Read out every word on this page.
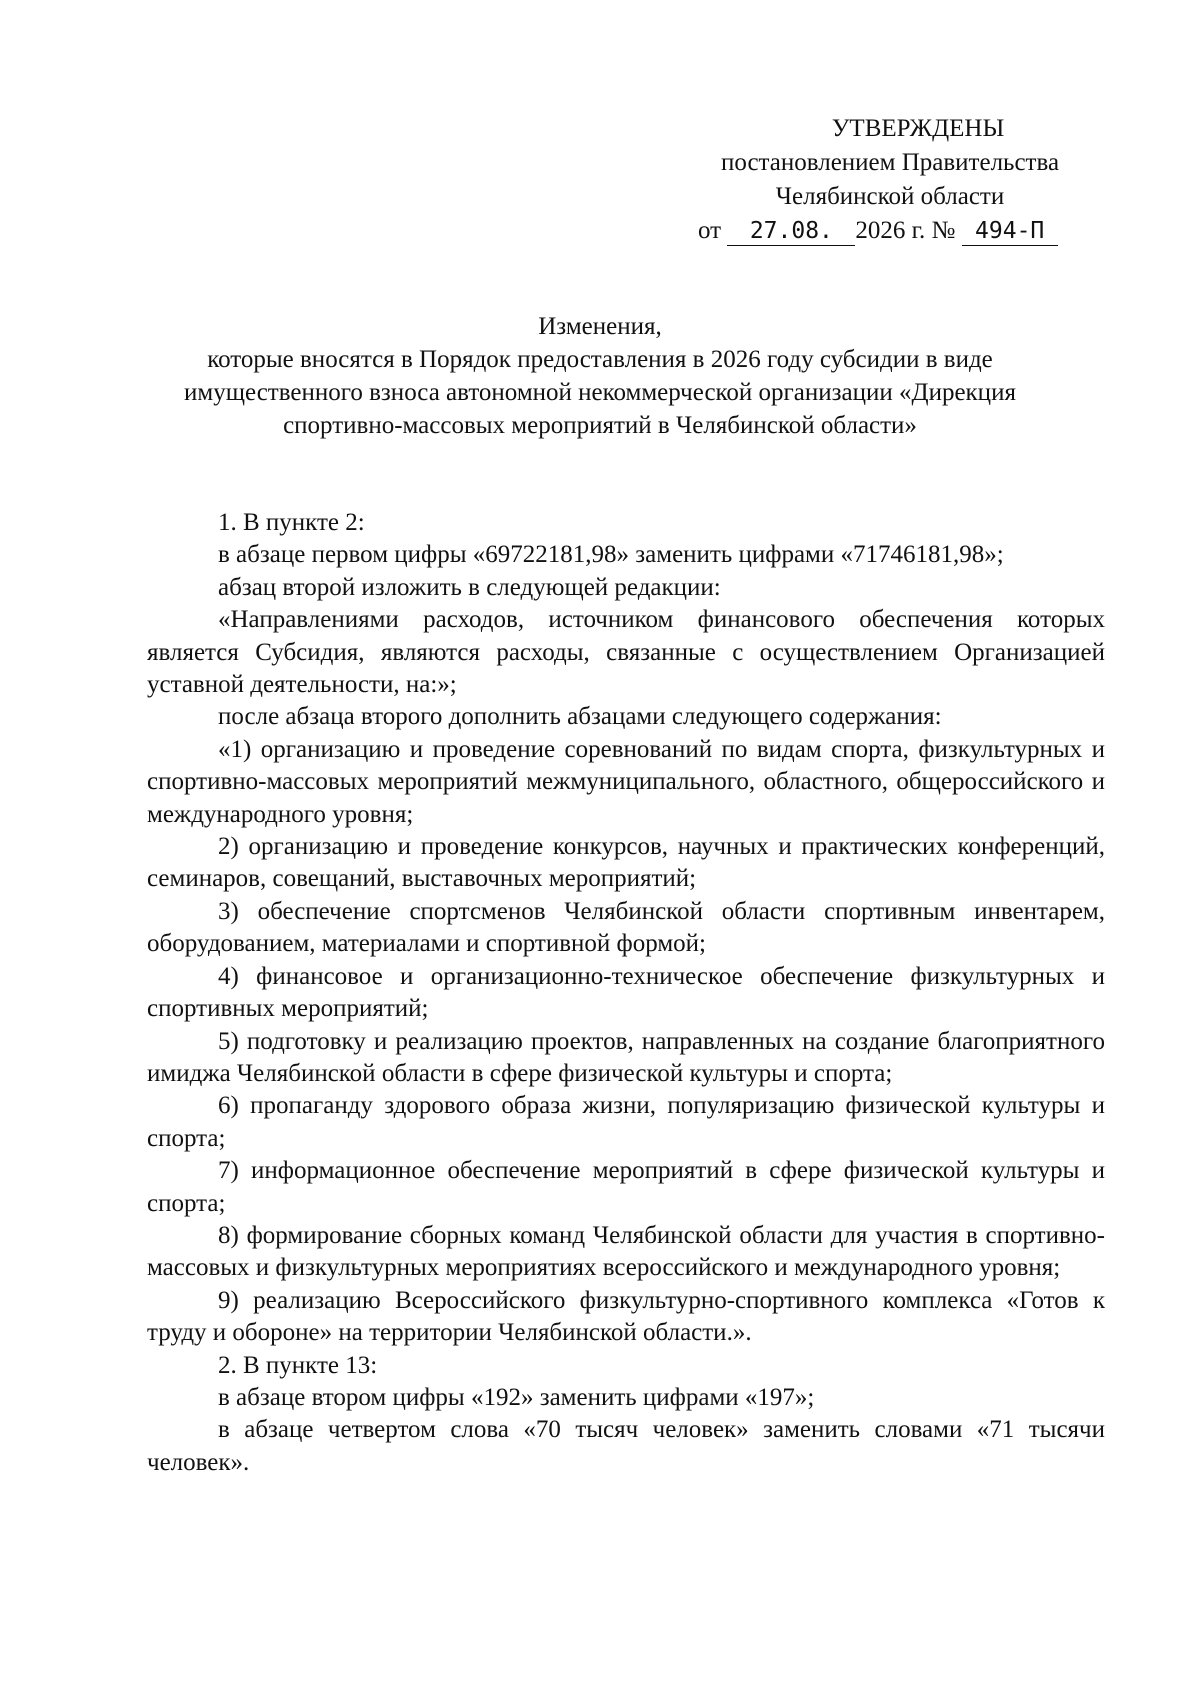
УТВЕРЖДЕНЫ
постановлением Правительства
Челябинской области
от 27.08. 2026 г. № 494-П
Изменения,
которые вносятся в Порядок предоставления в 2026 году субсидии в виде
имущественного взноса автономной некоммерческой организации «Дирекция
спортивно-массовых мероприятий в Челябинской области»

1. В пункте 2:

в абзаце первом цифры «69722181,98» заменить цифрами «71746181,98»;

абзац второй изложить в следующей редакции:

«Направлениями расходов, источником финансового обеспечения которых является Субсидия, являются расходы, связанные с осуществлением Организацией уставной деятельности, на:»;

после абзаца второго дополнить абзацами следующего содержания:

«1) организацию и проведение соревнований по видам спорта, физкультурных и спортивно-массовых мероприятий межмуниципального, областного, общероссийского и международного уровня;

2) организацию и проведение конкурсов, научных и практических конференций, семинаров, совещаний, выставочных мероприятий;

3) обеспечение спортсменов Челябинской области спортивным инвентарем, оборудованием, материалами и спортивной формой;

4) финансовое и организационно-техническое обеспечение физкультурных и спортивных мероприятий;

5) подготовку и реализацию проектов, направленных на создание благоприятного имиджа Челябинской области в сфере физической культуры и спорта;

6) пропаганду здорового образа жизни, популяризацию физической культуры и спорта;

7) информационное обеспечение мероприятий в сфере физической культуры и спорта;

8) формирование сборных команд Челябинской области для участия в спортивно-массовых и физкультурных мероприятиях всероссийского и международного уровня;

9) реализацию Всероссийского физкультурно-спортивного комплекса «Готов к труду и обороне» на территории Челябинской области.».

2. В пункте 13:

в абзаце втором цифры «192» заменить цифрами «197»;

в абзаце четвертом слова «70 тысяч человек» заменить словами «71 тысячи человек».
